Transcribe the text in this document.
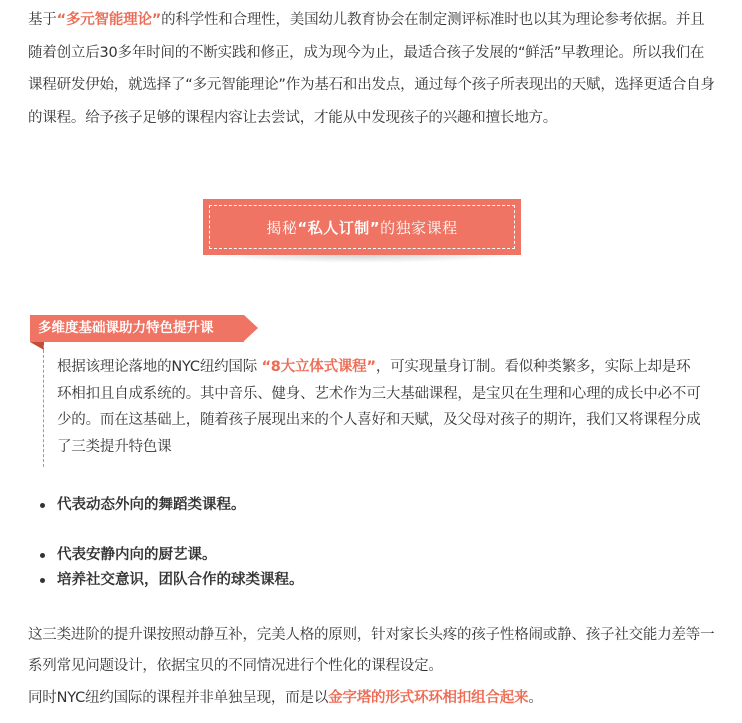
基于“多元智能理论”的科学性和合理性，美国幼儿教育协会在制定测评标准时也以其为理论参考依据。并且随着创立后30多年时间的不断实践和修正，成为现今为止，最适合孩子发展的“鲜活”早教理论。所以我们在课程研发伊始，就选择了“多元智能理论”作为基石和出发点，通过每个孩子所表现出的天赋，选择更适合自身的课程。给予孩子足够的课程内容让去尝试，才能从中发现孩子的兴趣和擅长地方。

揭秘 “私人订制” 的独家课程
多维度基础课助力特色提升课

根据该理论落地的NYC纽约国际 “8大立体式课程”，可实现量身订制。看似种类繁多，实际上却是环环相扣且自成系统的。其中音乐、健身、艺术作为三大基础课程，是宝贝在生理和心理的成长中必不可少的。而在这基础上，随着孩子展现出来的个人喜好和天赋，及父母对孩子的期许，我们又将课程分成了三类提升特色课

代表动态外向的舞蹈类课程。

代表安静内向的厨艺课。

培养社交意识，团队合作的球类课程。

这三类进阶的提升课按照动静互补，完美人格的原则，针对家长头疼的孩子性格闹或静、孩子社交能力差等一系列常见问题设计，依据宝贝的不同情况进行个性化的课程设定。

同时NYC纽约国际的课程并非单独呈现，而是以金字塔的形式环环相扣组合起来。
